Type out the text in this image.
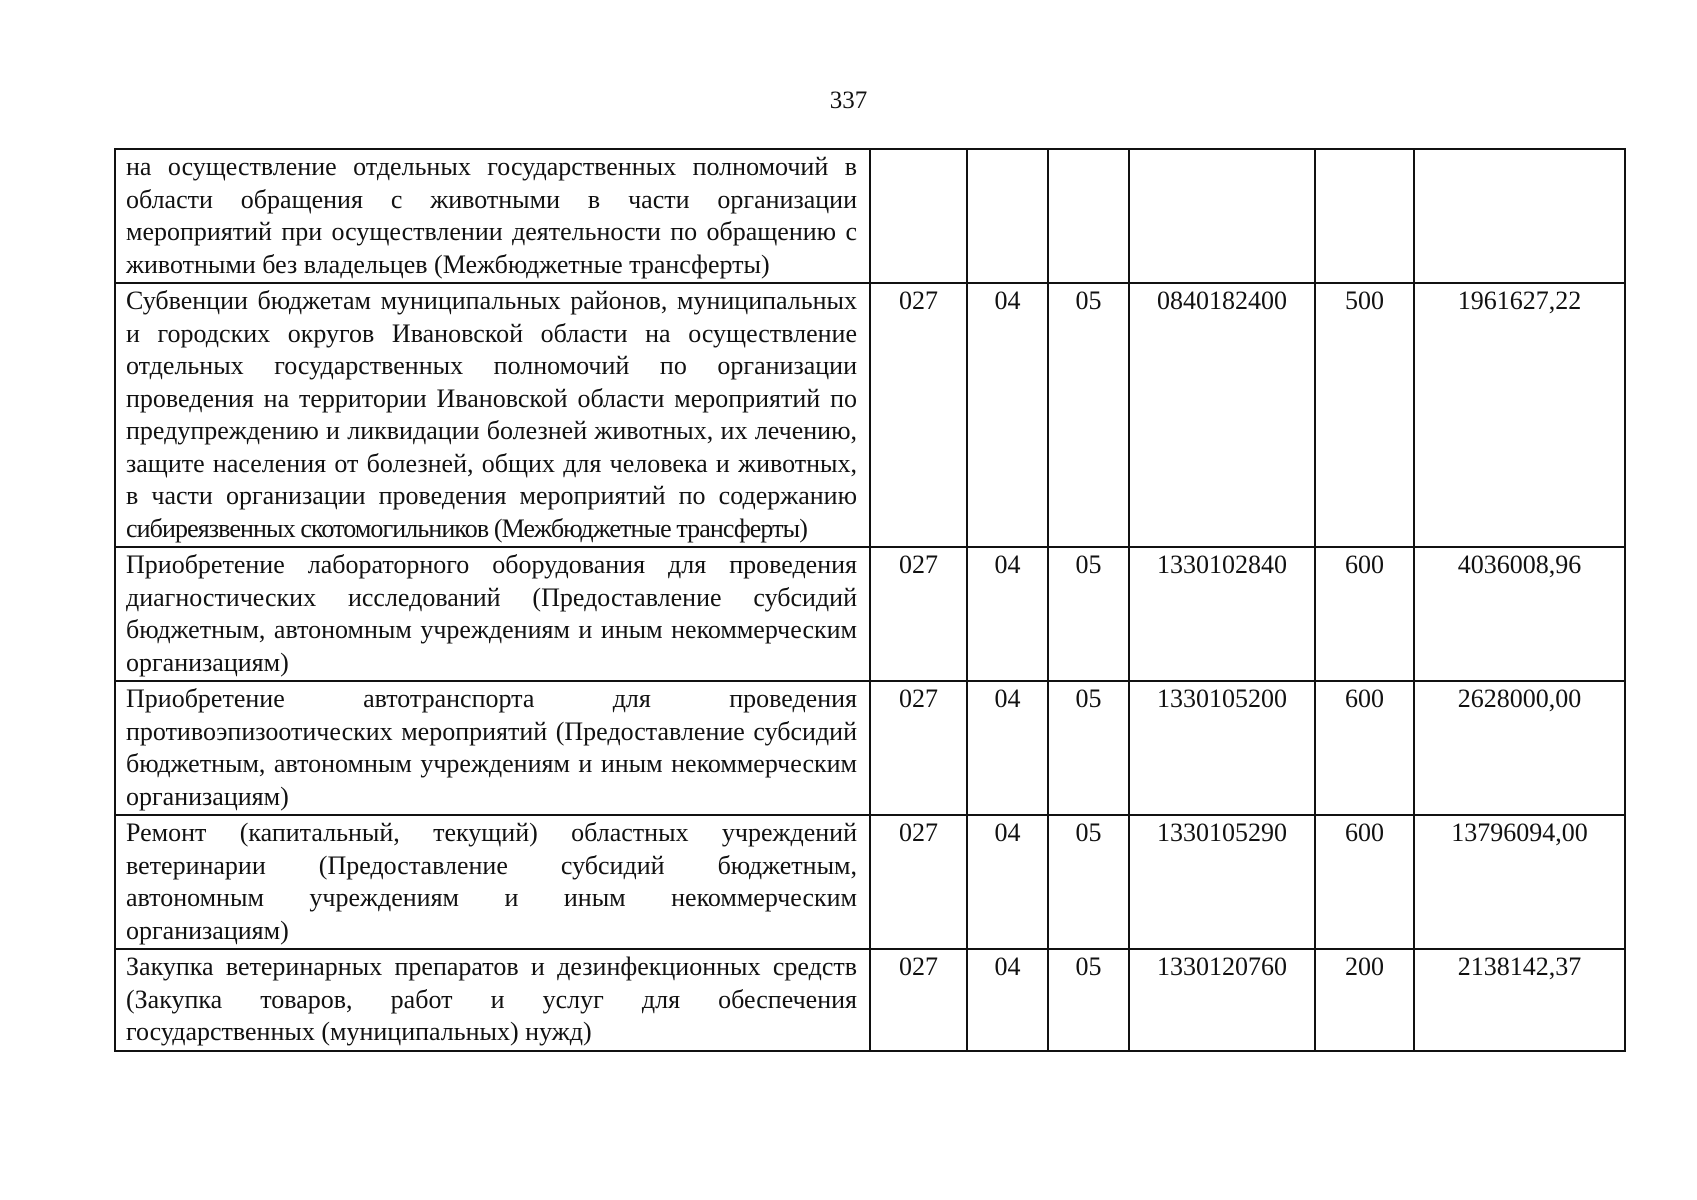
337
на осуществление отдельных государственных полномочий в области обращения с животными в части организации мероприятий при осуществлении деятельности по обращению с животными без владельцев (Межбюджетные трансферты)						
Субвенции бюджетам муниципальных районов, муниципальных и городских округов Ивановской области на осуществление отдельных государственных полномочий по организации проведения на территории Ивановской области мероприятий по предупреждению и ликвидации болезней животных, их лечению, защите населения от болезней, общих для человека и животных, в части организации проведения мероприятий по содержанию сибиреязвенных скотомогильников (Межбюджетные трансферты)	027	04	05	0840182400	500	1961627,22
Приобретение лабораторного оборудования для проведения диагностических исследований (Предоставление субсидий бюджетным, автономным учреждениям и иным некоммерческим организациям)	027	04	05	1330102840	600	4036008,96
Приобретение автотранспорта для проведения противоэпизоотических мероприятий (Предоставление субсидий бюджетным, автономным учреждениям и иным некоммерческим организациям)	027	04	05	1330105200	600	2628000,00
Ремонт (капитальный, текущий) областных учреждений ветеринарии (Предоставление субсидий бюджетным, автономным учреждениям и иным некоммерческим организациям)	027	04	05	1330105290	600	13796094,00
Закупка ветеринарных препаратов и дезинфекционных средств (Закупка товаров, работ и услуг для обеспечения государственных (муниципальных) нужд)	027	04	05	1330120760	200	2138142,37
